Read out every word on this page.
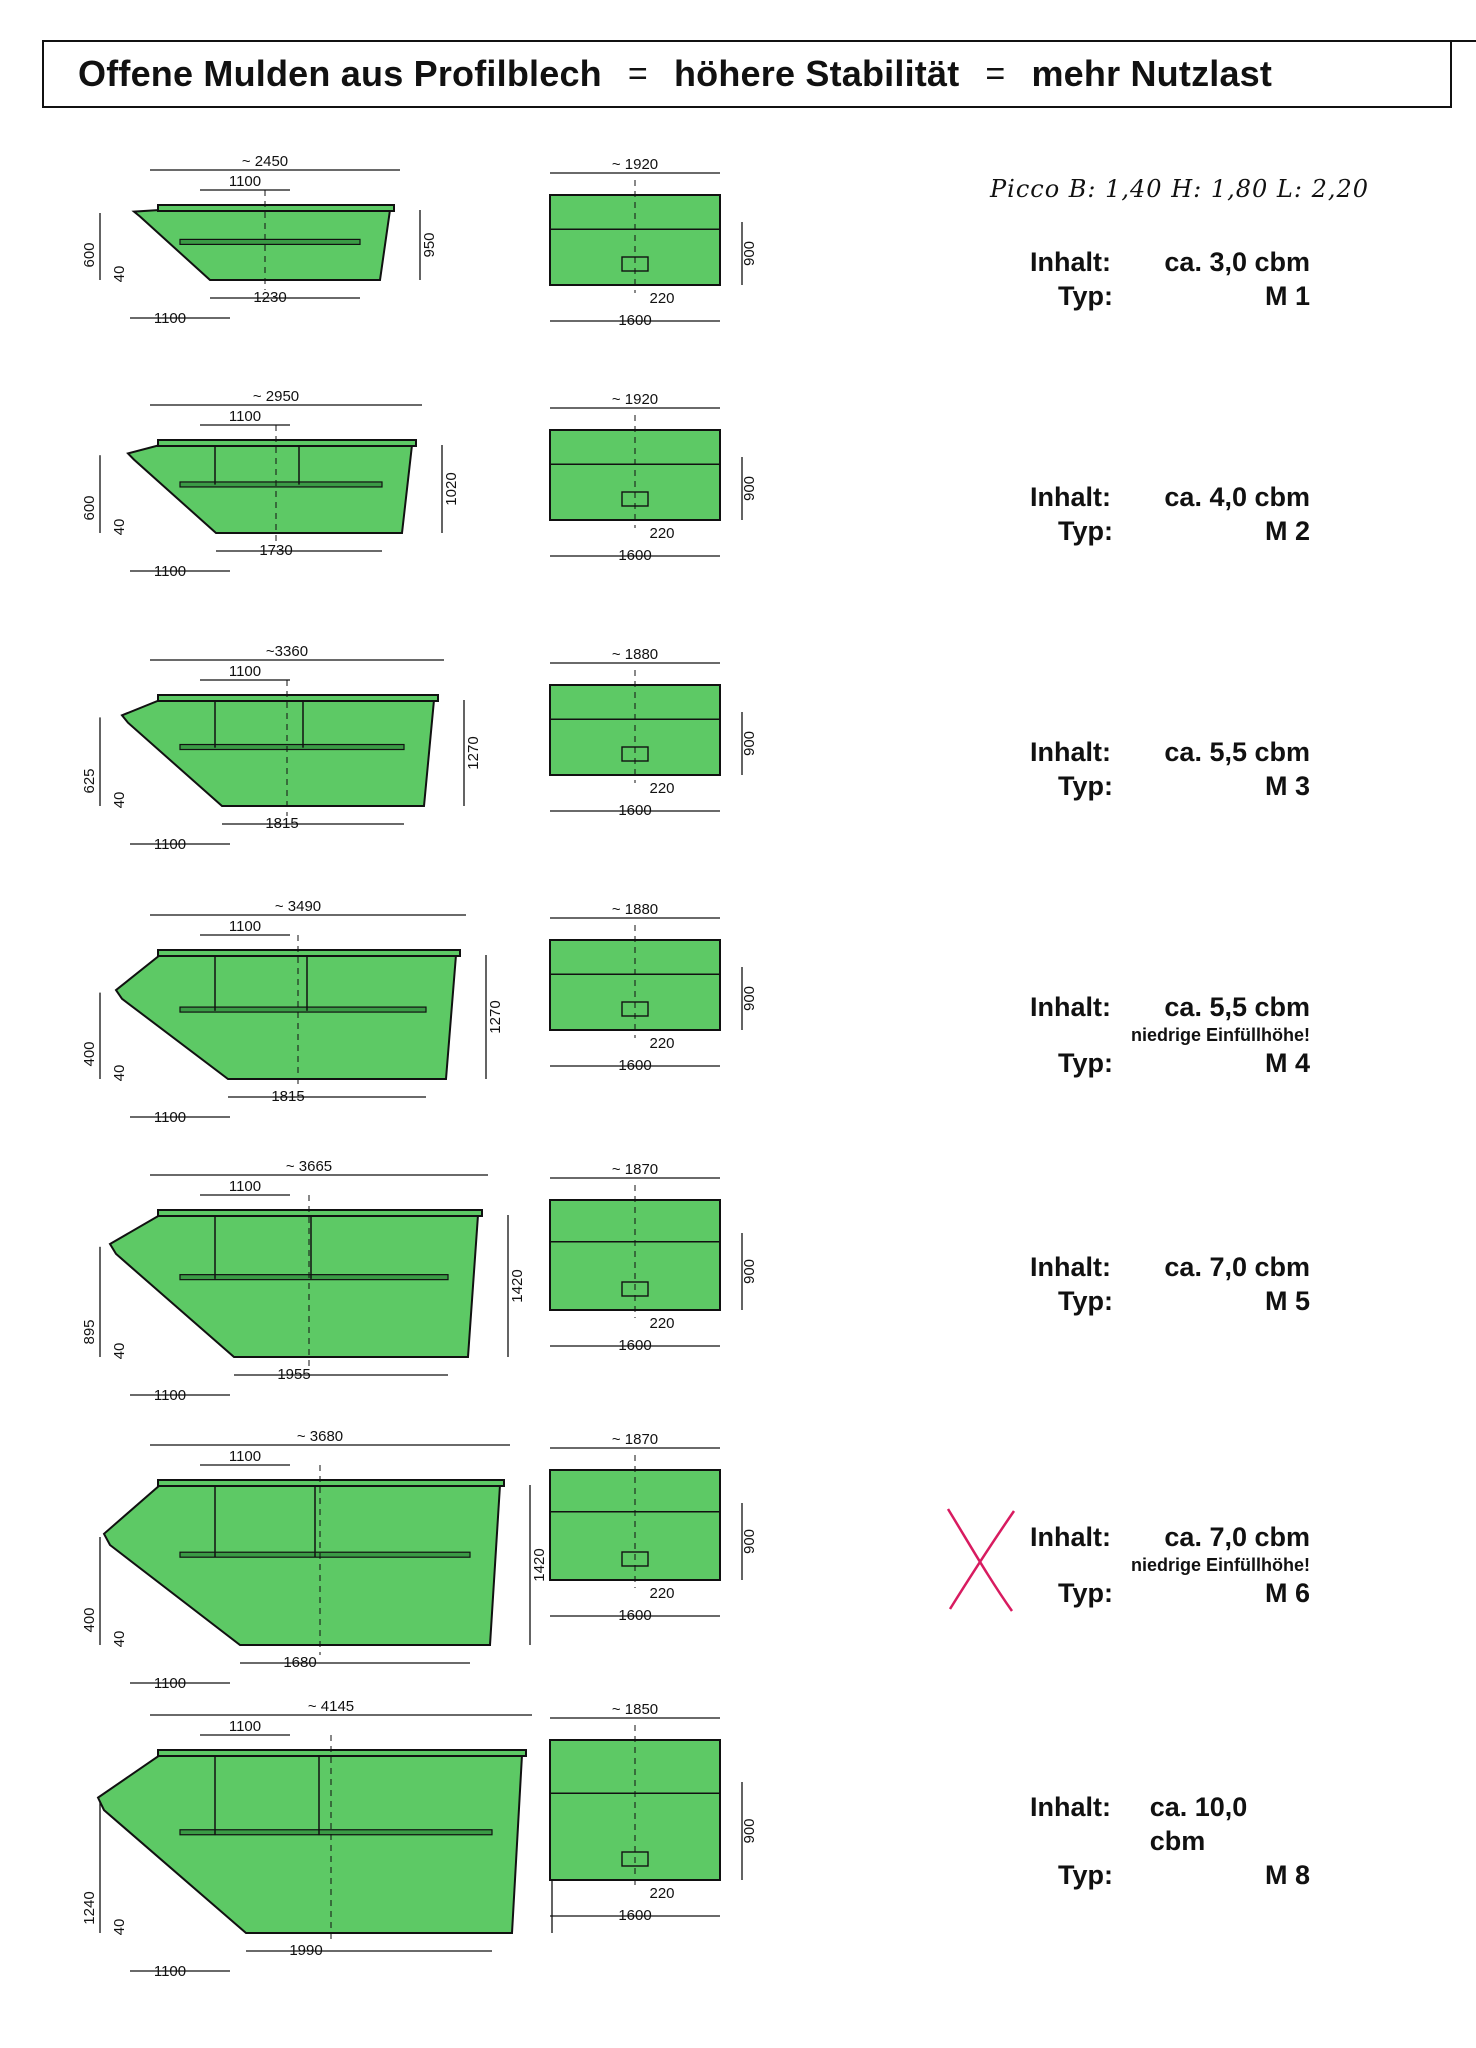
Offene Mulden aus Profilblech = höhere Stabilität = mehr Nutzlast
Picco B: 1,40 H: 1,80 L: 2,20
~ 2450
1100
950
600
40
1230
1100
~ 1920
900
220
1600
Inhalt:	ca. 3,0 cbm
Typ:	M 1
~ 2950
1100
1020
600
40
1730
1100
~ 1920
900
220
1600
Inhalt:	ca. 4,0 cbm
Typ:	M 2
~3360
1100
1270
625
40
1815
1100
~ 1880
900
220
1600
Inhalt:	ca. 5,5 cbm
Typ:	M 3
~ 3490
1100
1270
400
40
1815
1100
~ 1880
900
220
1600
Inhalt:	ca. 5,5 cbm
niedrige Einfüllhöhe!
Typ:	M 4
~ 3665
1100
1420
895
40
1955
1100
~ 1870
900
220
1600
Inhalt:	ca. 7,0 cbm
Typ:	M 5
~ 3680
1100
1420
400
40
1680
1100
~ 1870
900
220
1600
Inhalt:	ca. 7,0 cbm
niedrige Einfüllhöhe!
Typ:	M 6
~ 4145
1100
1240
40
1990
1100
~ 1850
900
220
1600
Inhalt:	ca. 10,0 cbm
Typ:	M 8
